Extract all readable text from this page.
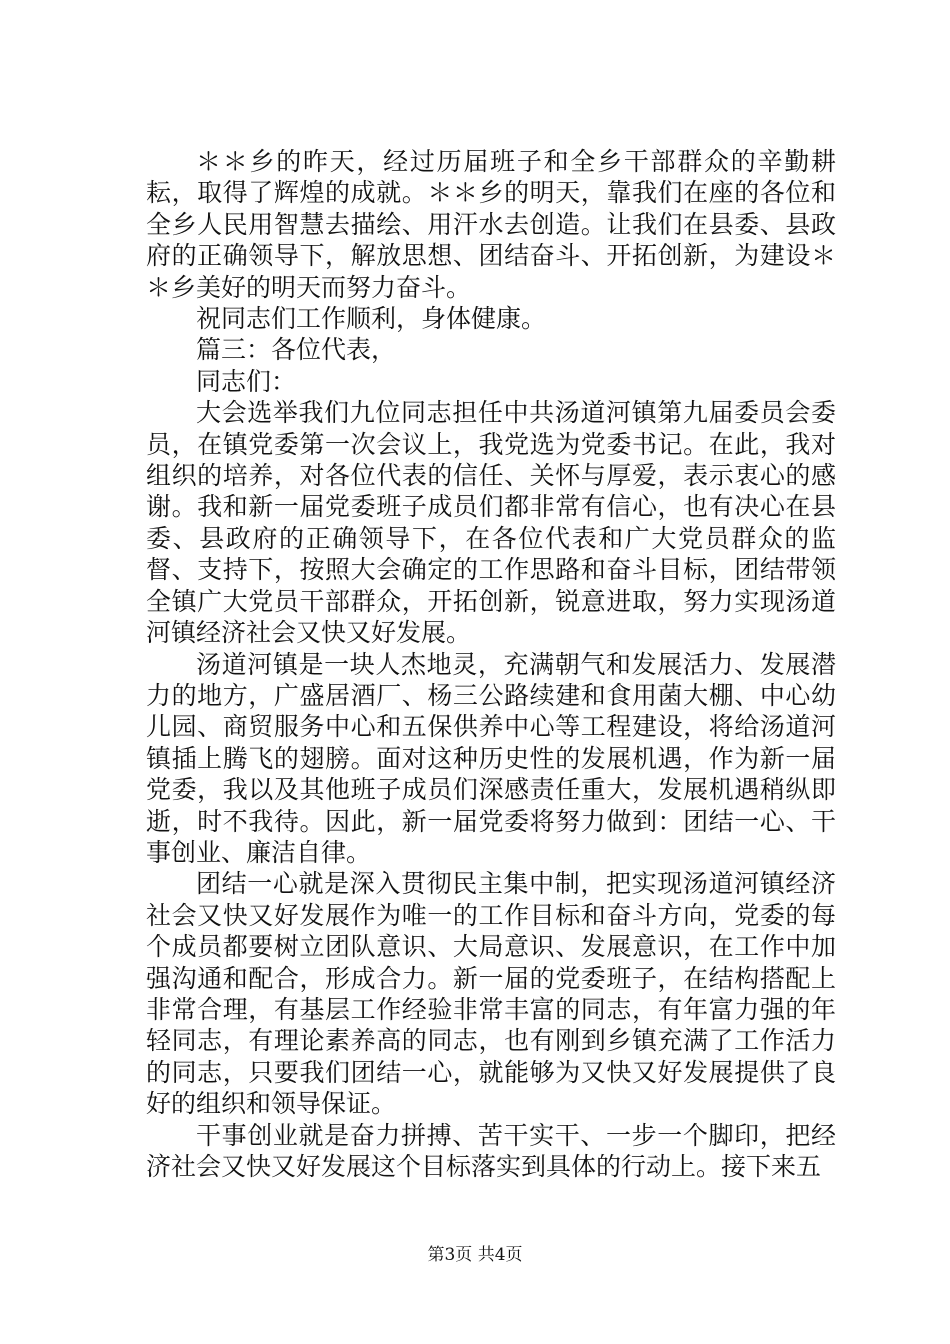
＊＊乡的昨天，经过历届班子和全乡干部群众的辛勤耕耘，取得了辉煌的成就。＊＊乡的明天，靠我们在座的各位和全乡人民用智慧去描绘、用汗水去创造。让我们在县委、县政府的正确领导下，解放思想、团结奋斗、开拓创新，为建设＊＊乡美好的明天而努力奋斗。

祝同志们工作顺利，身体健康。

篇三：各位代表，

同志们：

大会选举我们九位同志担任中共汤道河镇第九届委员会委员，在镇党委第一次会议上，我党选为党委书记。在此，我对组织的培养，对各位代表的信任、关怀与厚爱，表示衷心的感谢。我和新一届党委班子成员们都非常有信心，也有决心在县委、县政府的正确领导下，在各位代表和广大党员群众的监督、支持下，按照大会确定的工作思路和奋斗目标，团结带领全镇广大党员干部群众，开拓创新，锐意进取，努力实现汤道河镇经济社会又快又好发展。

汤道河镇是一块人杰地灵，充满朝气和发展活力、发展潜力的地方，广盛居酒厂、杨三公路续建和食用菌大棚、中心幼儿园、商贸服务中心和五保供养中心等工程建设，将给汤道河镇插上腾飞的翅膀。面对这种历史性的发展机遇，作为新一届党委，我以及其他班子成员们深感责任重大，发展机遇稍纵即逝，时不我待。因此，新一届党委将努力做到：团结一心、干事创业、廉洁自律。

团结一心就是深入贯彻民主集中制，把实现汤道河镇经济社会又快又好发展作为唯一的工作目标和奋斗方向，党委的每个成员都要树立团队意识、大局意识、发展意识，在工作中加强沟通和配合，形成合力。新一届的党委班子，在结构搭配上非常合理，有基层工作经验非常丰富的同志，有年富力强的年轻同志，有理论素养高的同志，也有刚到乡镇充满了工作活力的同志，只要我们团结一心，就能够为又快又好发展提供了良好的组织和领导保证。

干事创业就是奋力拼搏、苦干实干、一步一个脚印，把经济社会又快又好发展这个目标落实到具体的行动上。接下来五

第3页 共4页
